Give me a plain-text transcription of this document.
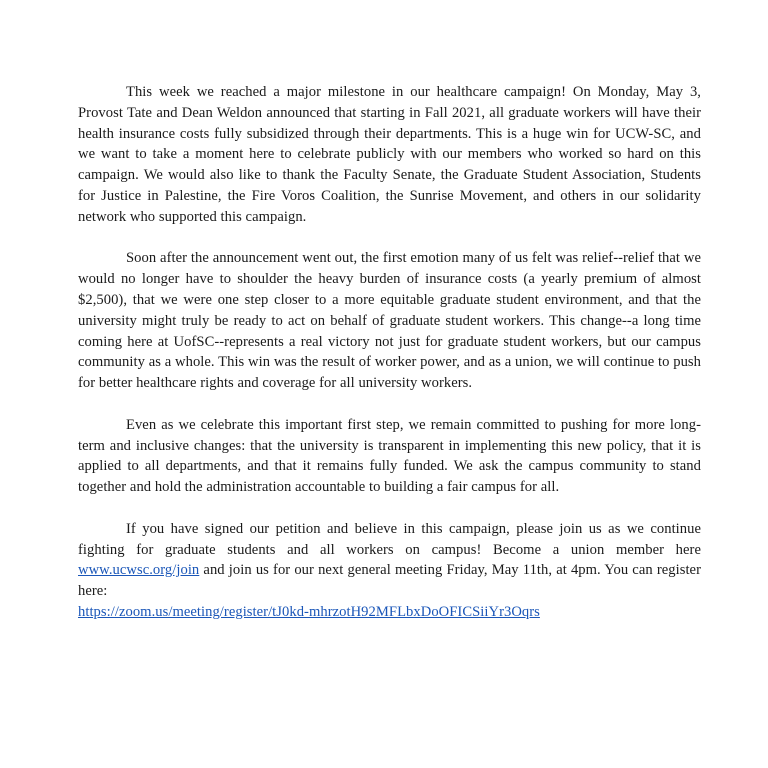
This week we reached a major milestone in our healthcare campaign! On Monday, May 3, Provost Tate and Dean Weldon announced that starting in Fall 2021, all graduate workers will have their health insurance costs fully subsidized through their departments. This is a huge win for UCW-SC, and we want to take a moment here to celebrate publicly with our members who worked so hard on this campaign. We would also like to thank the Faculty Senate, the Graduate Student Association, Students for Justice in Palestine, the Fire Voros Coalition, the Sunrise Movement, and others in our solidarity network who supported this campaign.

Soon after the announcement went out, the first emotion many of us felt was relief--relief that we would no longer have to shoulder the heavy burden of insurance costs (a yearly premium of almost $2,500), that we were one step closer to a more equitable graduate student environment, and that the university might truly be ready to act on behalf of graduate student workers. This change--a long time coming here at UofSC--represents a real victory not just for graduate student workers, but our campus community as a whole. This win was the result of worker power, and as a union, we will continue to push for better healthcare rights and coverage for all university workers.

Even as we celebrate this important first step, we remain committed to pushing for more long-term and inclusive changes: that the university is transparent in implementing this new policy, that it is applied to all departments, and that it remains fully funded. We ask the campus community to stand together and hold the administration accountable to building a fair campus for all.

If you have signed our petition and believe in this campaign, please join us as we continue fighting for graduate students and all workers on campus! Become a union member here www.ucwsc.org/join and join us for our next general meeting Friday, May 11th, at 4pm. You can register here:
https://zoom.us/meeting/register/tJ0kd-mhrzotH92MFLbxDoOFICSiiYr3Oqrs
